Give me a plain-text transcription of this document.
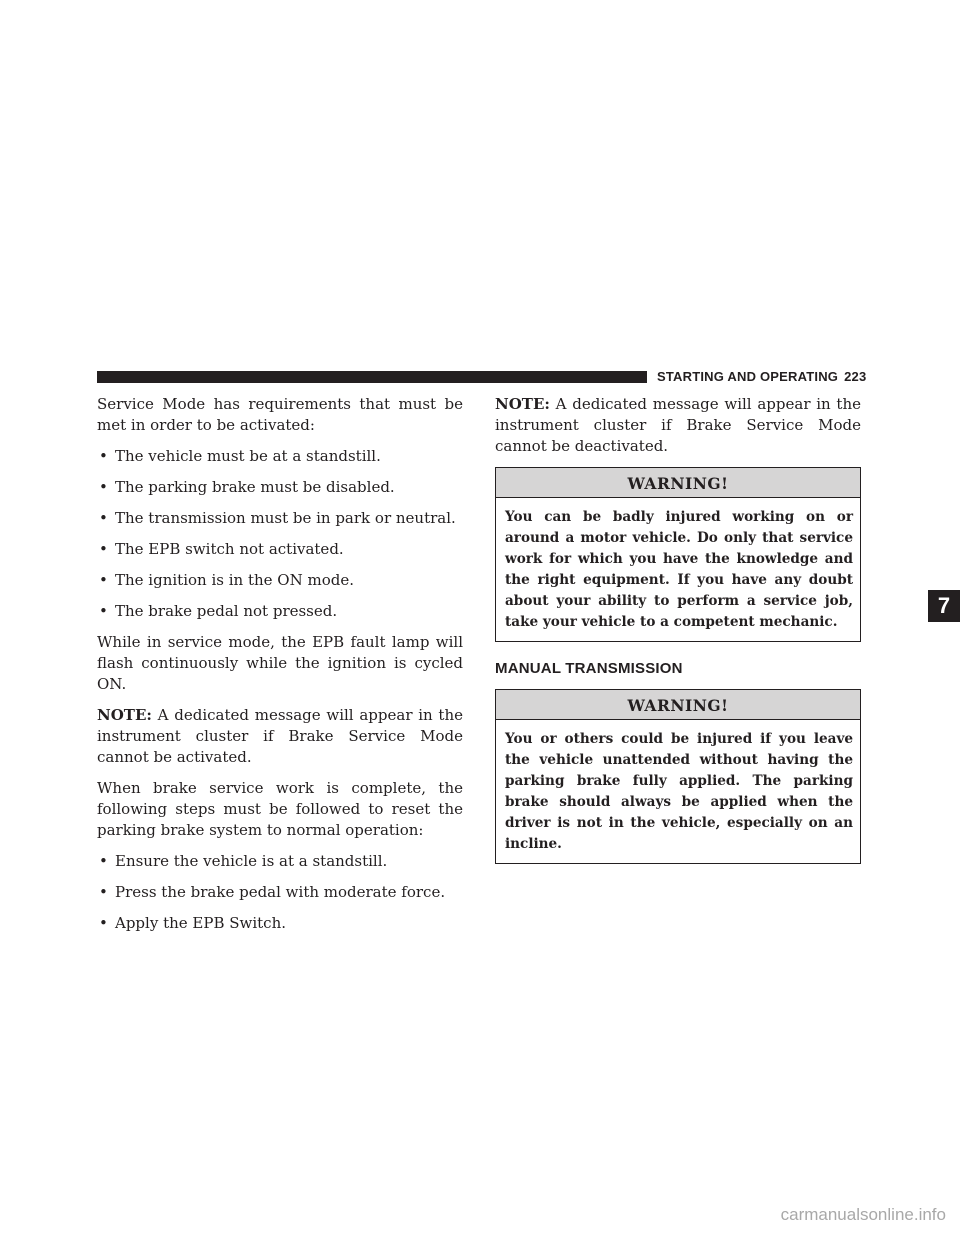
STARTING AND OPERATING 223
7

Service Mode has requirements that must be met in order to be activated:

• The vehicle must be at a standstill.
• The parking brake must be disabled.
• The transmission must be in park or neutral.
• The EPB switch not activated.
• The ignition is in the ON mode.
• The brake pedal not pressed.

While in service mode, the EPB fault lamp will flash continuously while the ignition is cycled ON.

NOTE: A dedicated message will appear in the instrument cluster if Brake Service Mode cannot be activated.

When brake service work is complete, the following steps must be followed to reset the parking brake system to normal operation:

• Ensure the vehicle is at a standstill.
• Press the brake pedal with moderate force.
• Apply the EPB Switch.

NOTE: A dedicated message will appear in the instrument cluster if Brake Service Mode cannot be deactivated.

WARNING!
You can be badly injured working on or around a motor vehicle. Do only that service work for which you have the knowledge and the right equipment. If you have any doubt about your ability to perform a service job, take your vehicle to a competent mechanic.
MANUAL TRANSMISSION
WARNING!
You or others could be injured if you leave the vehicle unattended without having the parking brake fully applied. The parking brake should always be applied when the driver is not in the vehicle, especially on an incline.
carmanualsonline.info
